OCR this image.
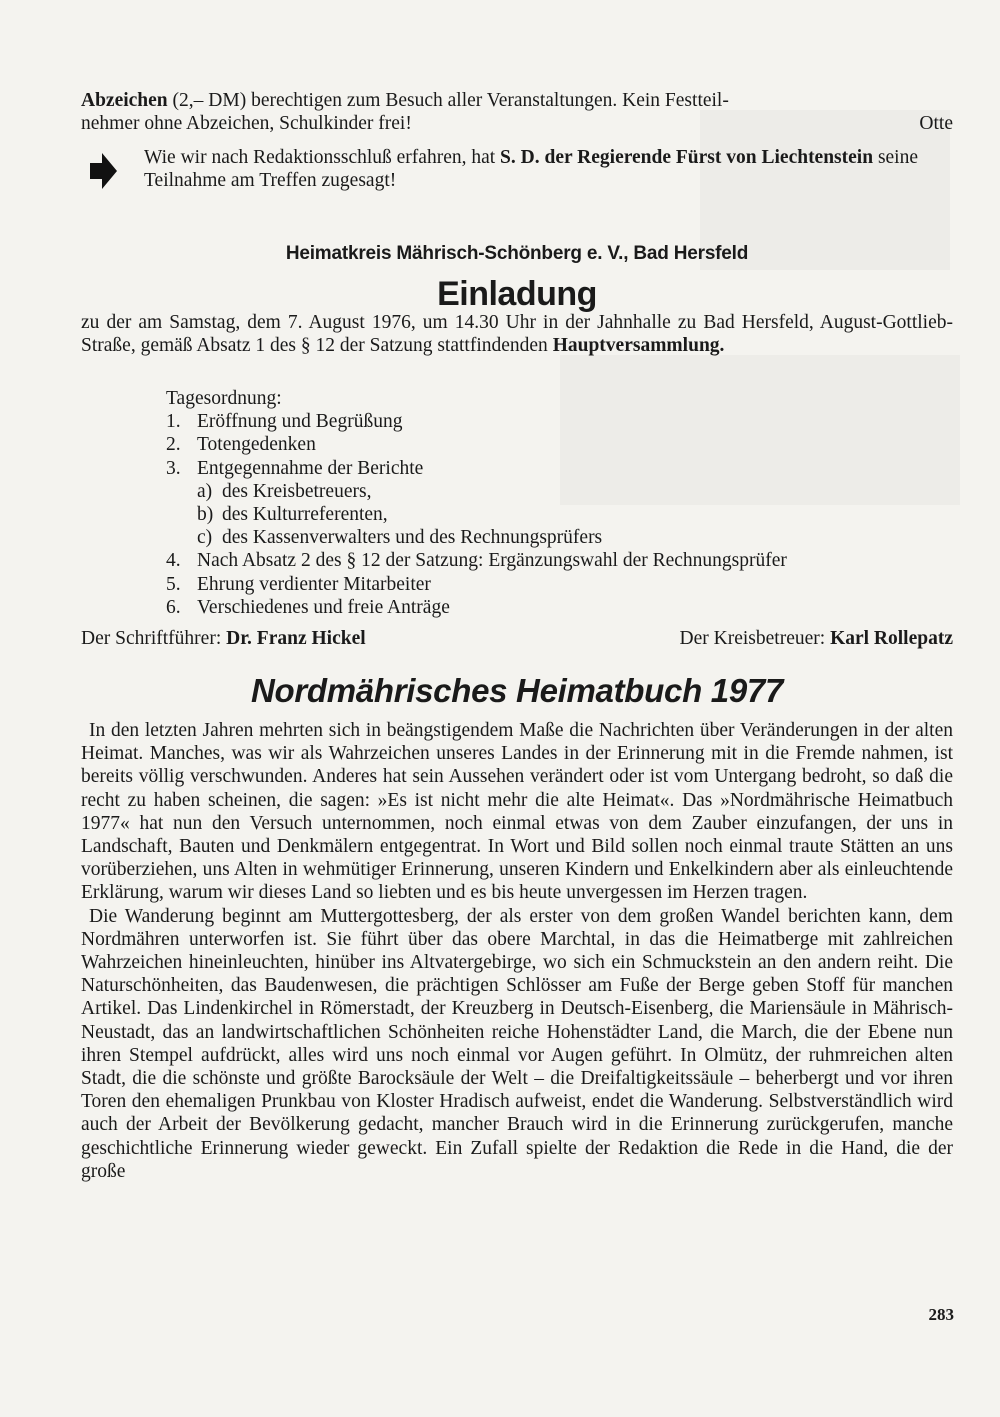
Abzeichen (2,– DM) berechtigen zum Besuch aller Veranstaltungen. Kein Festteil-
nehmer ohne Abzeichen, Schulkinder frei!	Otte
Wie wir nach Redaktionsschluß erfahren, hat S. D. der Regierende Fürst von Liechtenstein seine Teilnahme am Treffen zugesagt!
Heimatkreis Mährisch-Schönberg e. V., Bad Hersfeld
Einladung
zu der am Samstag, dem 7. August 1976, um 14.30 Uhr in der Jahnhalle zu Bad Hersfeld, August-Gottlieb-Straße, gemäß Absatz 1 des § 12 der Satzung stattfindenden Hauptversammlung.
Tagesordnung:
1. Eröffnung und Begrüßung
2. Totengedenken
3. Entgegennahme der Berichte
a) des Kreisbetreuers,
b) des Kulturreferenten,
c) des Kassenverwalters und des Rechnungsprüfers
4. Nach Absatz 2 des § 12 der Satzung: Ergänzungswahl der Rechnungsprüfer
5. Ehrung verdienter Mitarbeiter
6. Verschiedenes und freie Anträge
Der Schriftführer: Dr. Franz Hickel	Der Kreisbetreuer: Karl Rollepatz
Nordmährisches Heimatbuch 1977

In den letzten Jahren mehrten sich in beängstigendem Maße die Nachrichten über Veränderungen in der alten Heimat. Manches, was wir als Wahrzeichen unseres Landes in der Erinnerung mit in die Fremde nahmen, ist bereits völlig verschwunden. Anderes hat sein Aussehen verändert oder ist vom Untergang bedroht, so daß die recht zu haben scheinen, die sagen: »Es ist nicht mehr die alte Heimat«. Das »Nordmährische Heimatbuch 1977« hat nun den Versuch unternommen, noch einmal etwas von dem Zauber einzufangen, der uns in Landschaft, Bauten und Denkmälern entgegentrat. In Wort und Bild sollen noch einmal traute Stätten an uns vorüberziehen, uns Alten in wehmütiger Erinnerung, unseren Kindern und Enkelkindern aber als einleuchtende Erklärung, warum wir dieses Land so liebten und es bis heute unvergessen im Herzen tragen.

Die Wanderung beginnt am Muttergottesberg, der als erster von dem großen Wandel berichten kann, dem Nordmähren unterworfen ist. Sie führt über das obere Marchtal, in das die Heimatberge mit zahlreichen Wahrzeichen hineinleuchten, hinüber ins Altvatergebirge, wo sich ein Schmuckstein an den andern reiht. Die Naturschönheiten, das Baudenwesen, die prächtigen Schlösser am Fuße der Berge geben Stoff für manchen Artikel. Das Lindenkirchel in Römerstadt, der Kreuzberg in Deutsch-Eisenberg, die Mariensäule in Mährisch-Neustadt, das an landwirtschaftlichen Schönheiten reiche Hohenstädter Land, die March, die der Ebene nun ihren Stempel aufdrückt, alles wird uns noch einmal vor Augen geführt. In Olmütz, der ruhmreichen alten Stadt, die die schönste und größte Barocksäule der Welt – die Dreifaltigkeitssäule – beherbergt und vor ihren Toren den ehemaligen Prunkbau von Kloster Hradisch aufweist, endet die Wanderung. Selbstverständlich wird auch der Arbeit der Bevölkerung gedacht, mancher Brauch wird in die Erinnerung zurückgerufen, manche geschichtliche Erinnerung wieder geweckt. Ein Zufall spielte der Redaktion die Rede in die Hand, die der große

283
